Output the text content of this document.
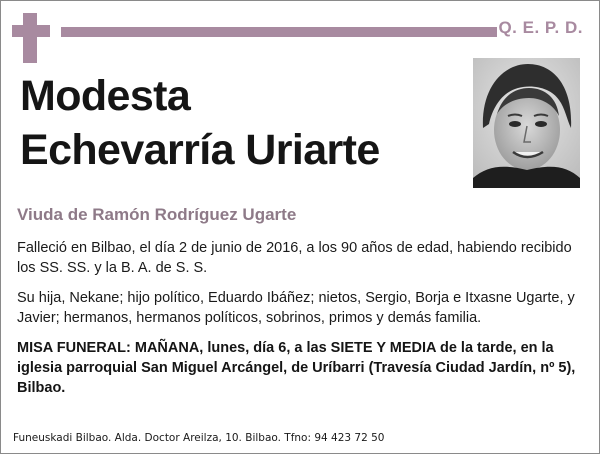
Q. E. P. D.
Modesta
Echevarría Uriarte
Viuda de Ramón Rodríguez Ugarte
Falleció en Bilbao, el día 2 de junio de 2016, a los 90 años de edad, habiendo recibido los SS. SS. y la B. A. de S. S.
Su hija, Nekane; hijo político, Eduardo Ibáñez; nietos, Sergio, Borja e Itxasne Ugarte, y Javier; hermanos, hermanos políticos, sobrinos, primos y demás familia.
MISA FUNERAL: MAÑANA, lunes, día 6, a las SIETE Y MEDIA de la tarde, en la iglesia parroquial San Miguel Arcángel, de Uríbarri (Travesía Ciudad Jardín, nº 5), Bilbao.
Funeuskadi Bilbao. Alda. Doctor Areilza, 10. Bilbao. Tfno: 94 423 72 50
